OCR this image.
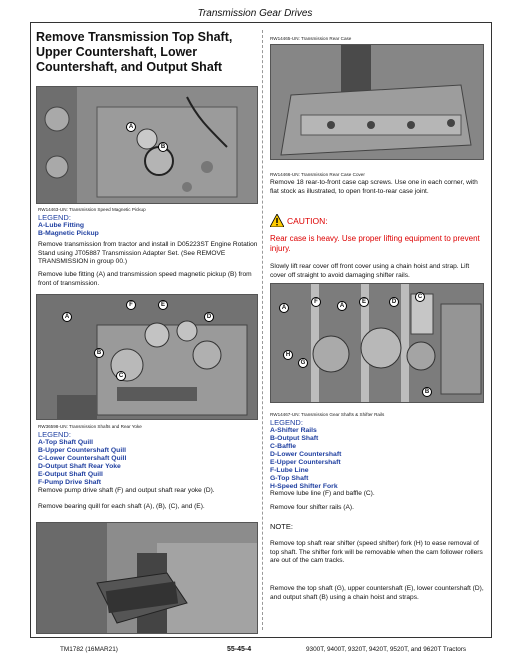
Transmission Gear Drives
Remove Transmission Top Shaft, Upper Countershaft, Lower Countershaft, and Output Shaft
A
B
RW14463-UN: Transmission Speed Magnetic Pickup
LEGEND:
A-Lube Fitting
B-Magnetic Pickup
Remove transmission from tractor and install in D05223ST Engine Rotation Stand using JT05887 Transmission Adapter Set. (See REMOVE TRANSMISSION in group 00.)
Remove lube fitting (A) and transmission speed magnetic pickup (B) from front of transmission.
A
B
C
D
E
F
RW36598-UN: Transmission Shafts and Rear Yoke
LEGEND:
A-Top Shaft Quill
B-Upper Countershaft Quill
C-Lower Countershaft Quill
D-Output Shaft Rear Yoke
E-Output Shaft Quill
F-Pump Drive Shaft
Remove pump drive shaft (F) and output shaft rear yoke (D).
Remove bearing quill for each shaft (A), (B), (C), and (E).
RW14465-UN: Transmission Rear Case
RW14466-UN: Transmission Rear Case Cover
Remove 18 rear-to-front case cap screws. Use one in each corner, with flat stock as illustrated, to open front-to-rear case joint.
CAUTION:
Rear case is heavy. Use proper lifting equipment to prevent injury.
Slowly lift rear cover off front cover using a chain hoist and strap. Lift cover off straight to avoid damaging shifter rails.
A	A
B
C
D
E
F
G
H
RW14467-UN: Transmission Gear Shafts & Shifter Rails
LEGEND:
A-Shifter Rails
B-Output Shaft
C-Baffle
D-Lower Countershaft
E-Upper Countershaft
F-Lube Line
G-Top Shaft
H-Speed Shifter Fork
Remove lube line (F) and baffle (C).
Remove four shifter rails (A).
NOTE:
Remove top shaft rear shifter (speed shifter) fork (H) to ease removal of top shaft. The shifter fork will be removable when the cam follower rollers are out of the cam tracks.
Remove the top shaft (G), upper countershaft (E), lower countershaft (D), and output shaft (B) using a chain hoist and straps.
TM1782 (16MAR21)	55-45-4	9300T, 9400T, 9320T, 9420T, 9520T, and 9620T Tractors
